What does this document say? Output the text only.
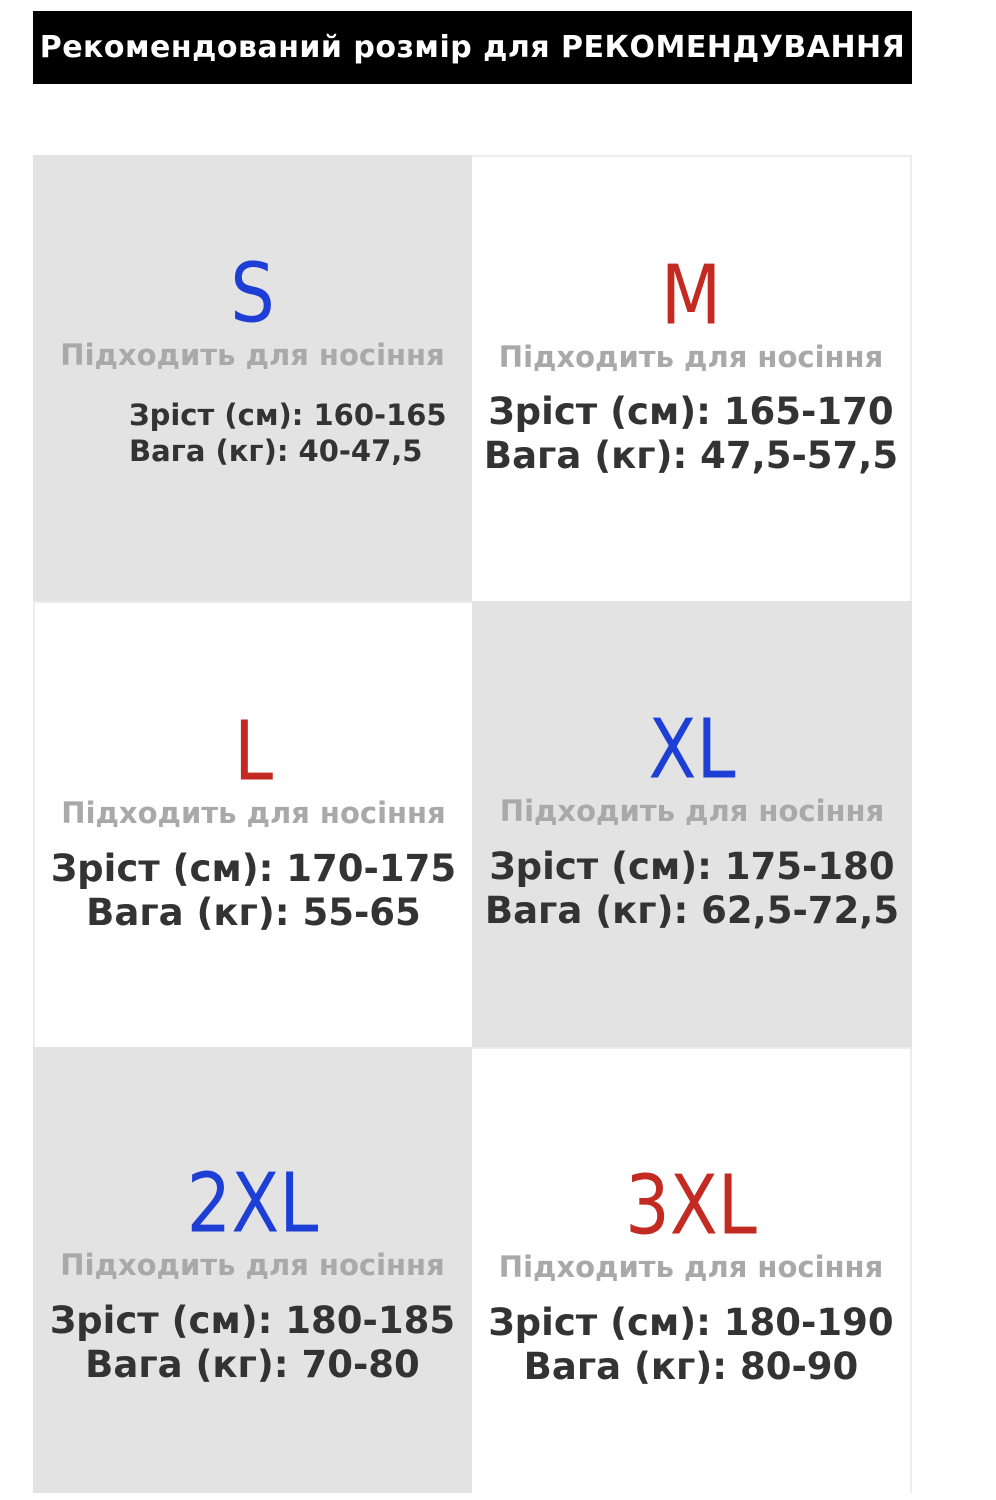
Рекомендований розмір для РЕКОМЕНДУВАННЯ
S
Підходить для носіння
Зріст (см): 160-165
Вага (кг): 40-47,5
M
Підходить для носіння
Зріст (см): 165-170
Вага (кг): 47,5-57,5
L
Підходить для носіння
Зріст (см): 170-175
Вага (кг): 55-65
XL
Підходить для носіння
Зріст (см): 175-180
Вага (кг): 62,5-72,5
2XL
Підходить для носіння
Зріст (см): 180-185
Вага (кг): 70-80
3XL
Підходить для носіння
Зріст (см): 180-190
Вага (кг): 80-90
